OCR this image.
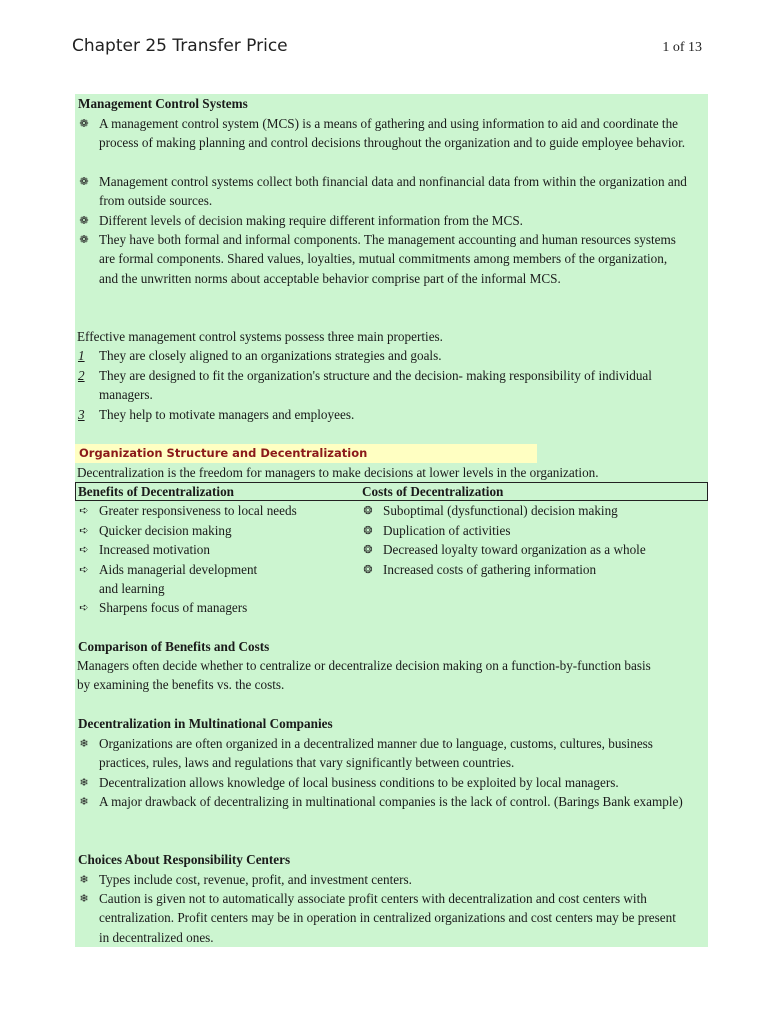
Chapter 25 Transfer Price	1 of 13
Management Control Systems
❁ A management control system (MCS) is a means of gathering and using information to aid and coordinate the process of making planning and control decisions throughout the organization and to guide employee behavior.
❁ Management control systems collect both financial data and nonfinancial data from within the organization and from outside sources.
❁ Different levels of decision making require different information from the MCS.
❁ They have both formal and informal components. The management accounting and human resources systems are formal components. Shared values, loyalties, mutual commitments among members of the organization, and the unwritten norms about acceptable behavior comprise part of the informal MCS.
Effective management control systems possess three main properties.
1 They are closely aligned to an organizations strategies and goals.
2 They are designed to fit the organization's structure and the decision- making responsibility of individual managers.
3 They help to motivate managers and employees.
Organization Structure and Decentralization
Decentralization is the freedom for managers to make decisions at lower levels in the organization.
Benefits of Decentralization	Costs of Decentralization
➪ Greater responsiveness to local needs
➪ Quicker decision making
➪ Increased motivation
➪ Aids managerial development and learning
➪ Sharpens focus of managers
❂ Suboptimal (dysfunctional) decision making
❂ Duplication of activities
❂ Decreased loyalty toward organization as a whole
❂ Increased costs of gathering information
Comparison of Benefits and Costs
Managers often decide whether to centralize or decentralize decision making on a function-by-function basis by examining the benefits vs. the costs.
Decentralization in Multinational Companies
❄ Organizations are often organized in a decentralized manner due to language, customs, cultures, business practices, rules, laws and regulations that vary significantly between countries.
❄ Decentralization allows knowledge of local business conditions to be exploited by local managers.
❄ A major drawback of decentralizing in multinational companies is the lack of control. (Barings Bank example)
Choices About Responsibility Centers
❄ Types include cost, revenue, profit, and investment centers.
❄ Caution is given not to automatically associate profit centers with decentralization and cost centers with centralization. Profit centers may be in operation in centralized organizations and cost centers may be present in decentralized ones.
